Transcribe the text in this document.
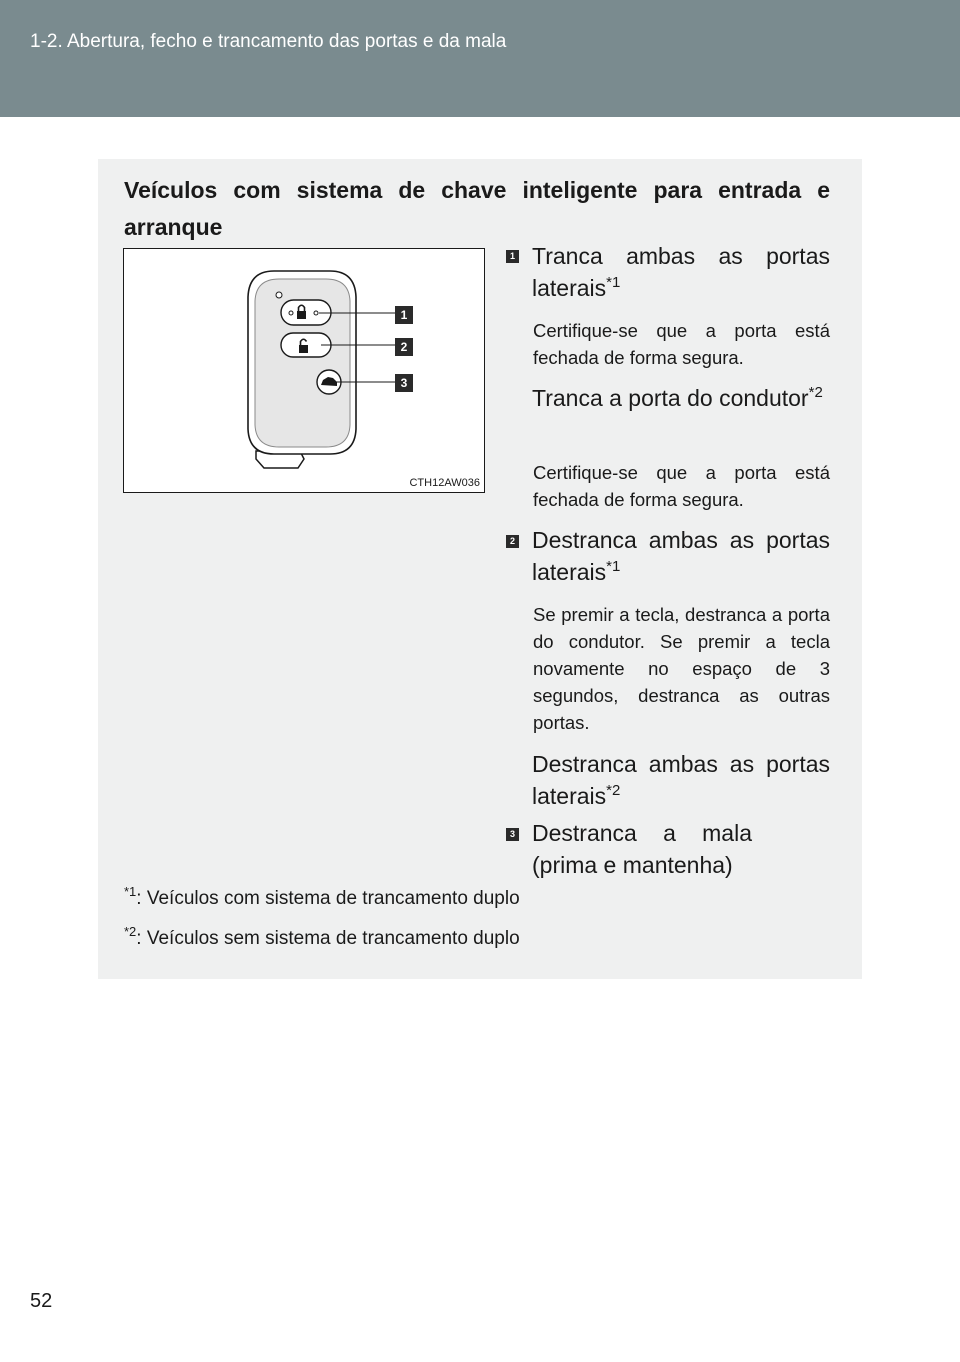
1-2. Abertura, fecho e trancamento das portas e da mala
Veículos com sistema de chave inteligente para entrada e arranque
1
2
3
CTH12AW036
1 Tranca ambas as portas laterais$^{*1}$
Certifique-se que a porta está fechada de forma segura.
Tranca a porta do condutor$^{*2}$
Certifique-se que a porta está fechada de forma segura.
2 Destranca ambas as portas laterais$^{*1}$
Se premir a tecla, destranca a porta do condutor. Se premir a tecla novamente no espaço de 3 segundos, destranca as outras portas.
Destranca ambas as portas laterais$^{*2}$
3 Destranca a mala (prima e mantenha)
$^{*1}$: Veículos com sistema de trancamento duplo
$^{*2}$: Veículos sem sistema de trancamento duplo
52
